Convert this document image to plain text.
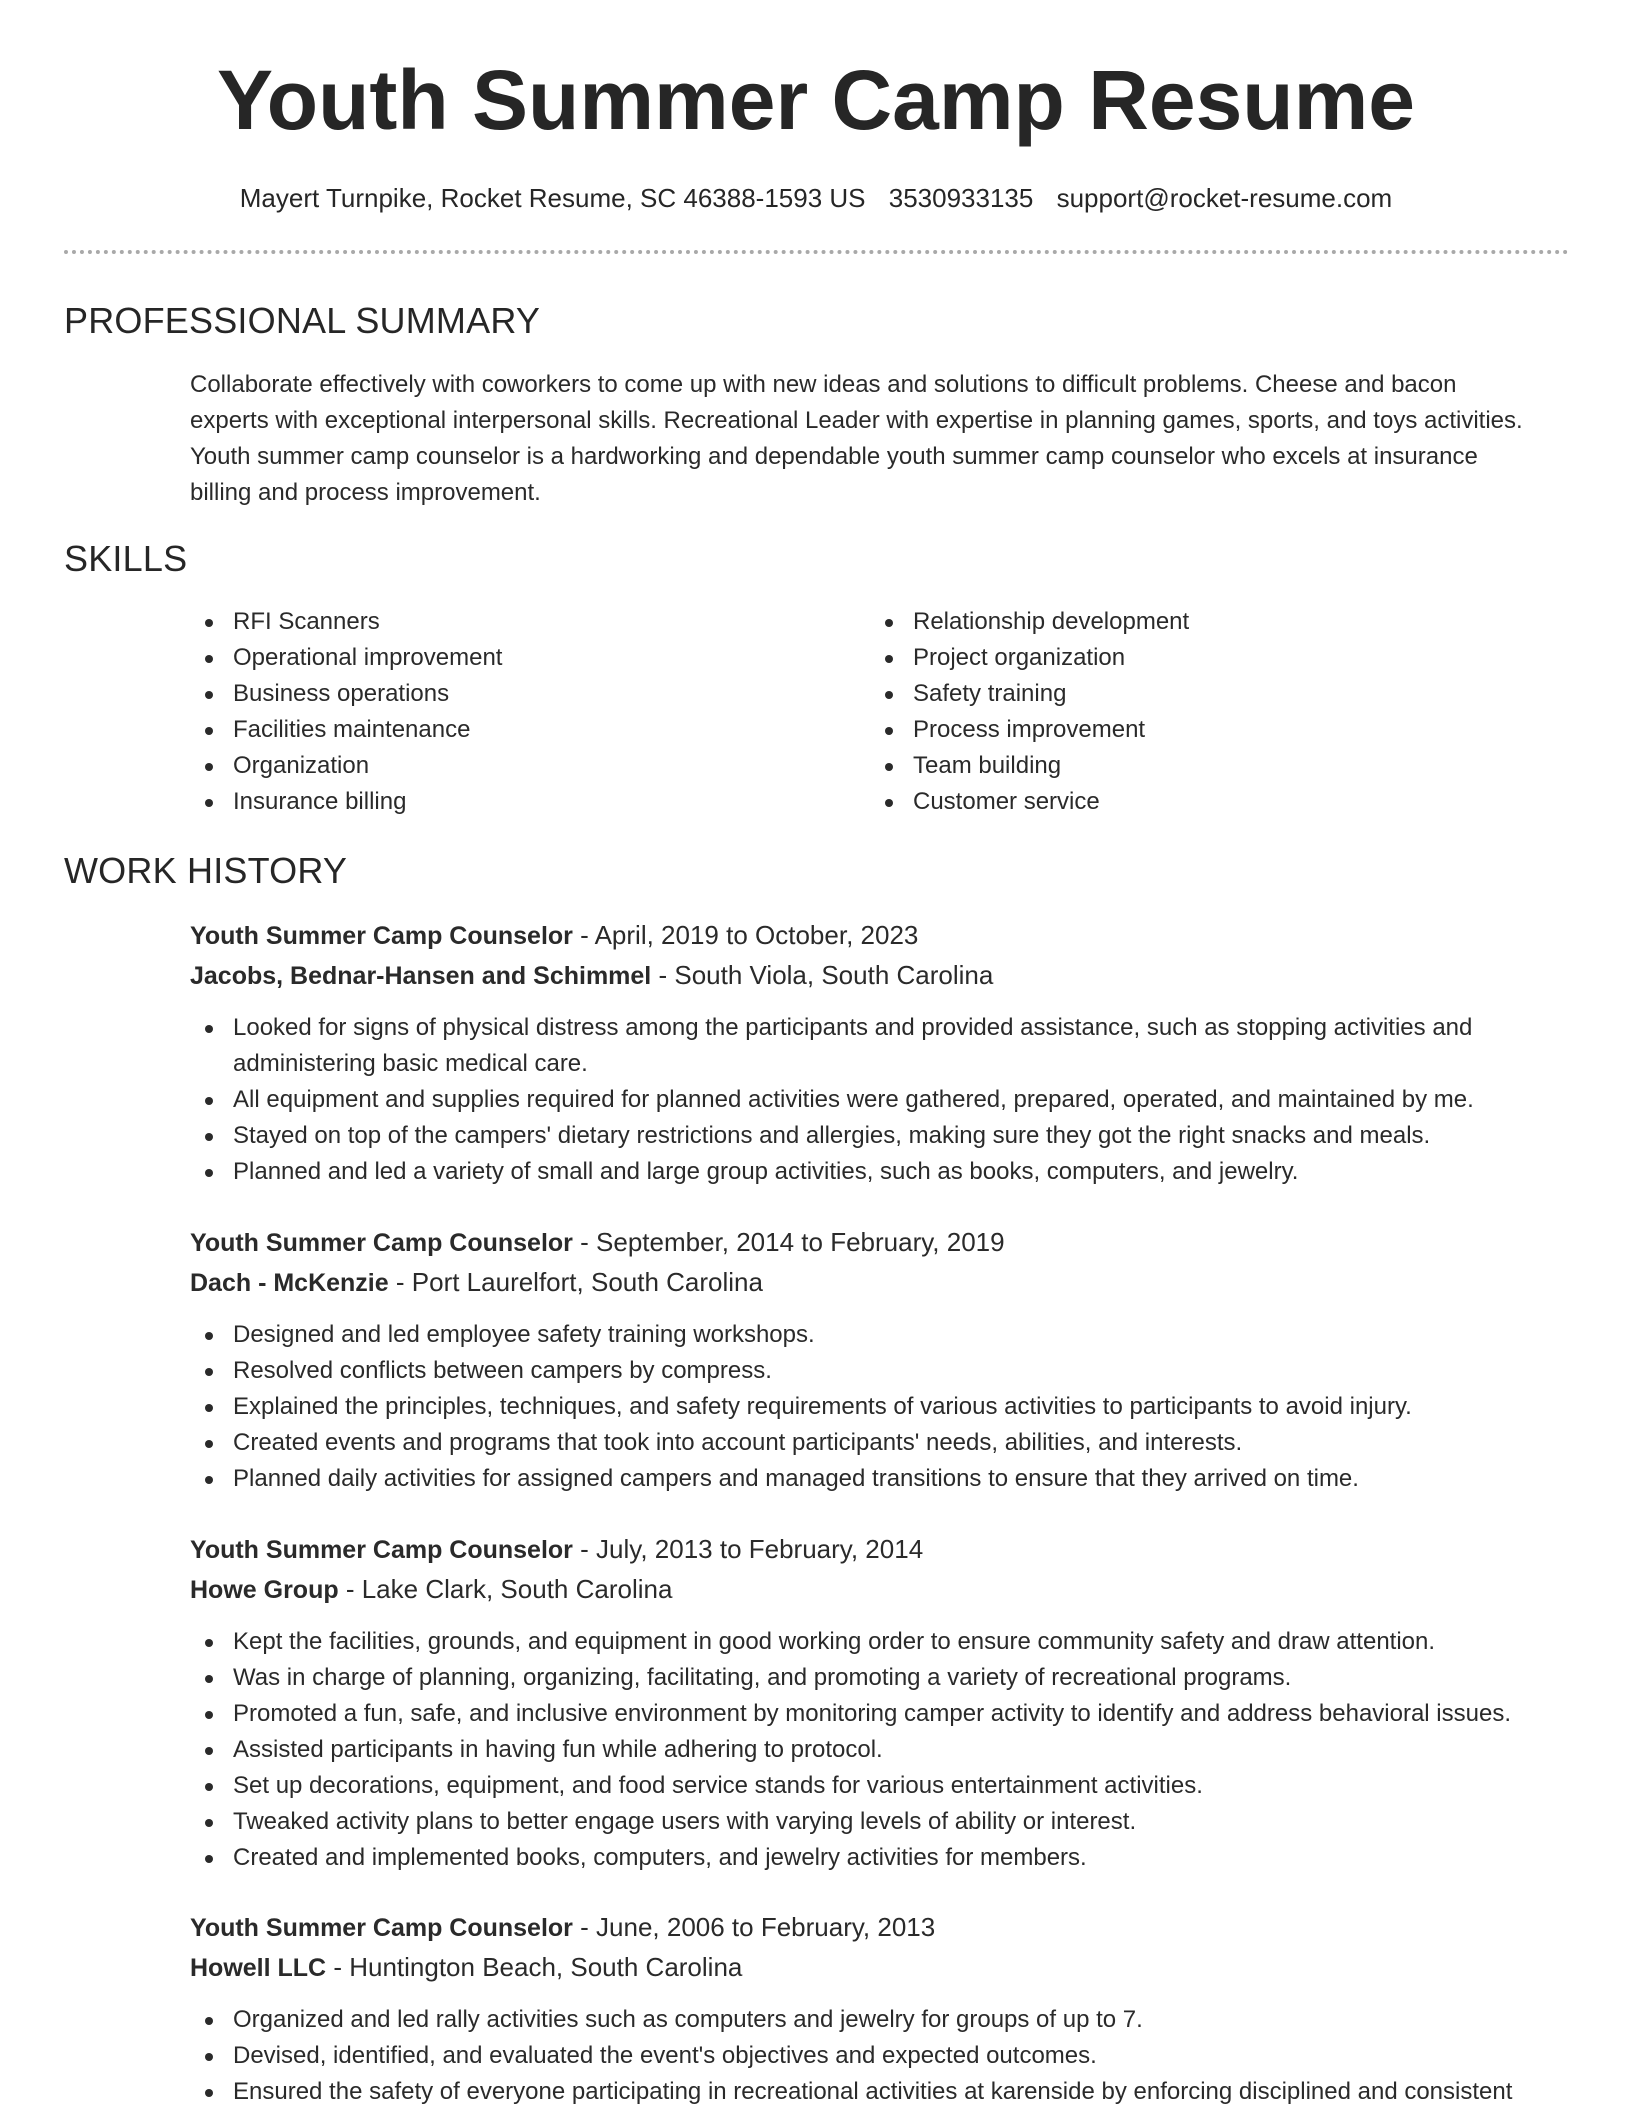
Youth Summer Camp Resume
Mayert Turnpike, Rocket Resume, SC 46388-1593 US 3530933135 support@rocket-resume.com
PROFESSIONAL SUMMARY

Collaborate effectively with coworkers to come up with new ideas and solutions to difficult problems. Cheese and bacon experts with exceptional interpersonal skills. Recreational Leader with expertise in planning games, sports, and toys activities. Youth summer camp counselor is a hardworking and dependable youth summer camp counselor who excels at insurance billing and process improvement.

SKILLS
RFI Scanners
Operational improvement
Business operations
Facilities maintenance
Organization
Insurance billing
Relationship development
Project organization
Safety training
Process improvement
Team building
Customer service
WORK HISTORY
Youth Summer Camp Counselor - April, 2019 to October, 2023
Jacobs, Bednar-Hansen and Schimmel - South Viola, South Carolina
Looked for signs of physical distress among the participants and provided assistance, such as stopping activities and administering basic medical care.
All equipment and supplies required for planned activities were gathered, prepared, operated, and maintained by me.
Stayed on top of the campers' dietary restrictions and allergies, making sure they got the right snacks and meals.
Planned and led a variety of small and large group activities, such as books, computers, and jewelry.
Youth Summer Camp Counselor - September, 2014 to February, 2019
Dach - McKenzie - Port Laurelfort, South Carolina
Designed and led employee safety training workshops.
Resolved conflicts between campers by compress.
Explained the principles, techniques, and safety requirements of various activities to participants to avoid injury.
Created events and programs that took into account participants' needs, abilities, and interests.
Planned daily activities for assigned campers and managed transitions to ensure that they arrived on time.
Youth Summer Camp Counselor - July, 2013 to February, 2014
Howe Group - Lake Clark, South Carolina
Kept the facilities, grounds, and equipment in good working order to ensure community safety and draw attention.
Was in charge of planning, organizing, facilitating, and promoting a variety of recreational programs.
Promoted a fun, safe, and inclusive environment by monitoring camper activity to identify and address behavioral issues.
Assisted participants in having fun while adhering to protocol.
Set up decorations, equipment, and food service stands for various entertainment activities.
Tweaked activity plans to better engage users with varying levels of ability or interest.
Created and implemented books, computers, and jewelry activities for members.
Youth Summer Camp Counselor - June, 2006 to February, 2013
Howell LLC - Huntington Beach, South Carolina
Organized and led rally activities such as computers and jewelry for groups of up to 7.
Devised, identified, and evaluated the event's objectives and expected outcomes.
Ensured the safety of everyone participating in recreational activities at karenside by enforcing disciplined and consistent
